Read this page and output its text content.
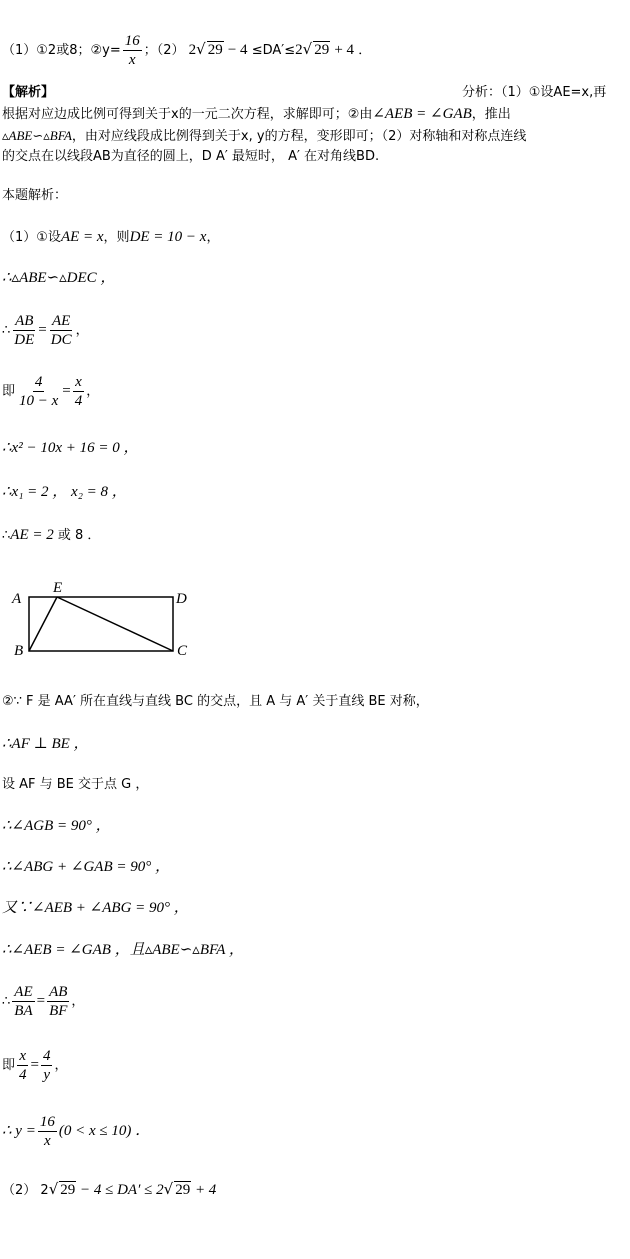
（1）①2或8；②y= $\frac{16}{x}$ ；（2） 2√ 29 − 4 ≤DA′≤2√ 29 + 4 ．
【解析】	分析：（1）①设AE=x,再
根据对应边成比例可得到关于x的一元二次方程，求解即可；②由∠AEB = ∠GAB，推出
▵ABE∽▵BFA，由对应线段成比例得到关于x, y的方程，变形即可；（2）对称轴和对称点连线
的交点在以线段AB为直径的圆上，D A′ 最短时， A′ 在对角线BD.
本题解析：
（1）①设AE = x，则DE = 10 − x，
∴▵ABE∽▵DEC ，
∴ $\frac{AB}{DE} = \frac{AE}{DC}$ ，
即 $\frac{4}{10 - x} = \frac{x}{4}$ ，
∴x² − 10x + 16 = 0 ，
∴x₁ = 2 ， x₂ = 8 ，
∴AE = 2 或 8 ．
A
E
D
B	C
②∵ F 是 AA′ 所在直线与直线 BC 的交点，且 A 与 A′ 关于直线 BE 对称，
∴AF ⊥ BE ，
设 AF 与 BE 交于点 G ，
∴∠AGB = 90° ，
∴∠ABG + ∠GAB = 90° ，
又∵∠AEB + ∠ABG = 90° ，
∴∠AEB = ∠GAB ，且▵ABE∽▵BFA ，
∴ $\frac{AE}{BA} = \frac{AB}{BF}$ ，
即 $\frac{x}{4} = \frac{4}{y}$ ，
∴ $y = \frac{16}{x} (0 < x \le 10)$ ．
（2） 2√ 29 − 4 ≤ DA′ ≤ 2√ 29 + 4
